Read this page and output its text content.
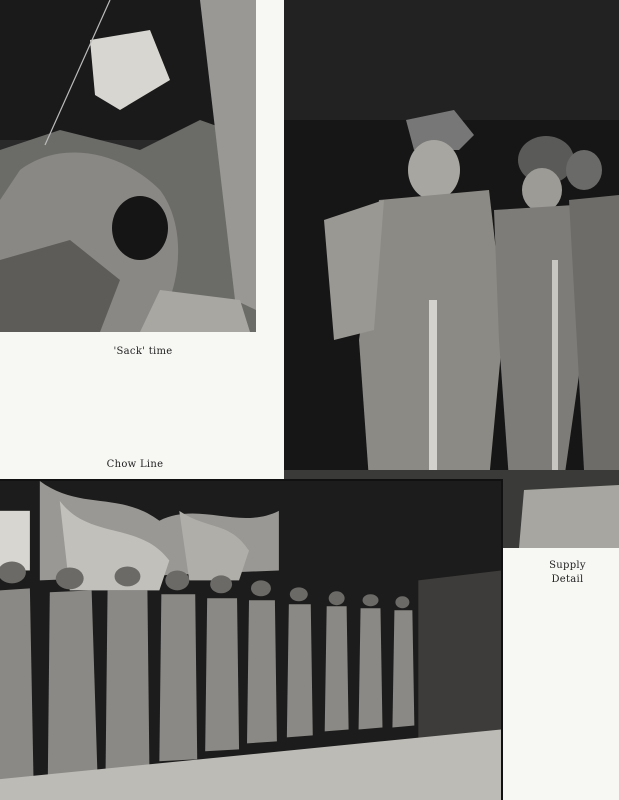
'Sack' time
Chow Line
Supply
Detail
